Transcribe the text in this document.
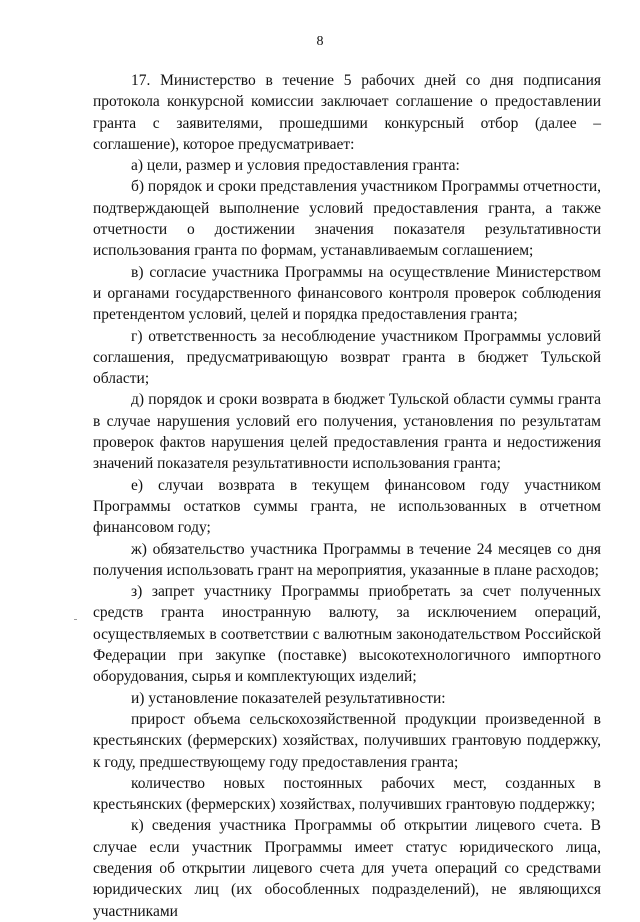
8

17. Министерство в течение 5 рабочих дней со дня подписания протокола конкурсной комиссии заключает соглашение о предоставлении гранта с заявителями, прошедшими конкурсный отбор (далее – соглашение), которое предусматривает:

а) цели, размер и условия предоставления гранта:

б) порядок и сроки представления участником Программы отчетности, подтверждающей выполнение условий предоставления гранта, а также отчетности о достижении значения показателя результативности использования гранта по формам, устанавливаемым соглашением;

в) согласие участника Программы на осуществление Министерством и органами государственного финансового контроля проверок соблюдения претендентом условий, целей и порядка предоставления гранта;

г) ответственность за несоблюдение участником Программы условий соглашения, предусматривающую возврат гранта в бюджет Тульской области;

д) порядок и сроки возврата в бюджет Тульской области суммы гранта в случае нарушения условий его получения, установления по результатам проверок фактов нарушения целей предоставления гранта и недостижения значений показателя результативности использования гранта;

е) случаи возврата в текущем финансовом году участником Программы остатков суммы гранта, не использованных в отчетном финансовом году;

ж) обязательство участника Программы в течение 24 месяцев со дня получения использовать грант на мероприятия, указанные в плане расходов;

з) запрет участнику Программы приобретать за счет полученных средств гранта иностранную валюту, за исключением операций, осуществляемых в соответствии с валютным законодательством Российской Федерации при закупке (поставке) высокотехнологичного импортного оборудования, сырья и комплектующих изделий;

и) установление показателей результативности:

прирост объема сельскохозяйственной продукции произведенной в крестьянских (фермерских) хозяйствах, получивших грантовую поддержку, к году, предшествующему году предоставления гранта;

количество новых постоянных рабочих мест, созданных в крестьянских (фермерских) хозяйствах, получивших грантовую поддержку;

к) сведения участника Программы об открытии лицевого счета. В случае если участник Программы имеет статус юридического лица, сведения об открытии лицевого счета для учета операций со средствами юридических лиц (их обособленных подразделений), не являющихся участниками
